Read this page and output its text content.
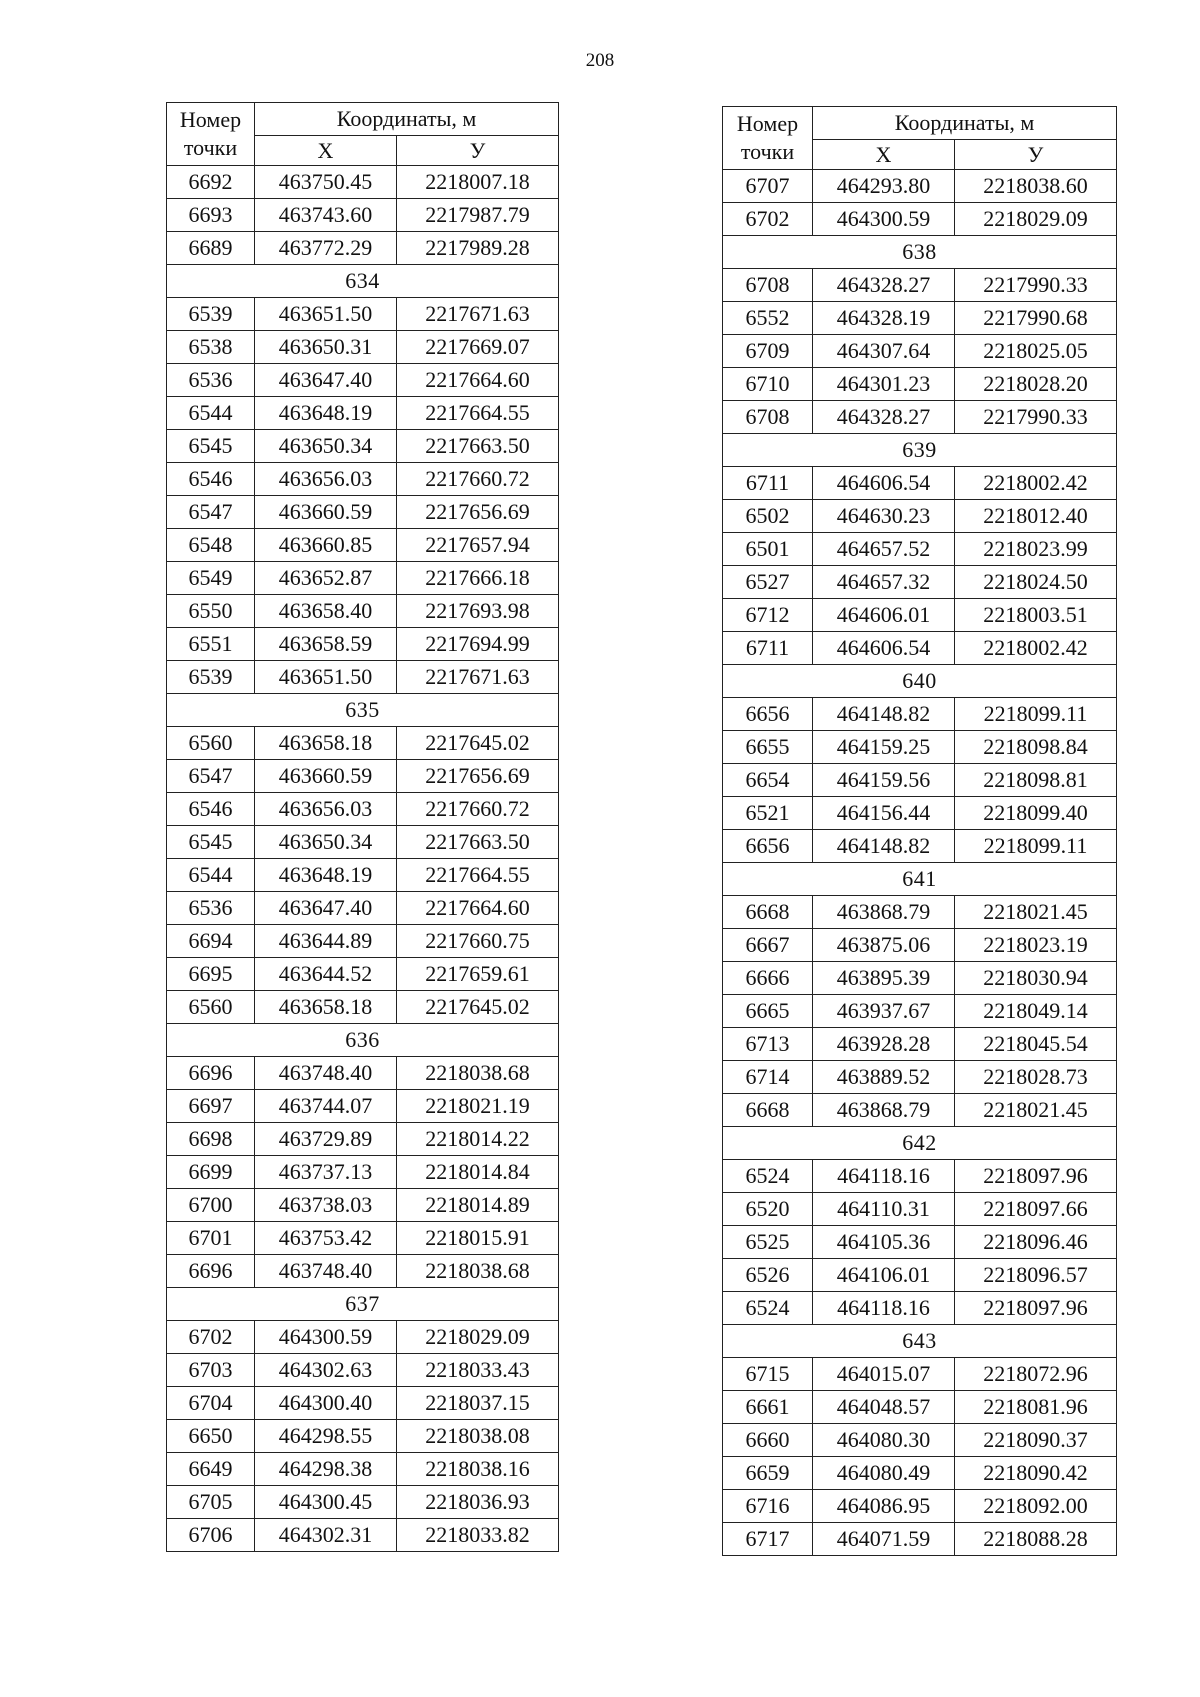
208
Номер
точки	Координаты, м	
	Х	У
6692	463750.45	2218007.18
6693	463743.60	2217987.79
6689	463772.29	2217989.28
634		
6539	463651.50	2217671.63
6538	463650.31	2217669.07
6536	463647.40	2217664.60
6544	463648.19	2217664.55
6545	463650.34	2217663.50
6546	463656.03	2217660.72
6547	463660.59	2217656.69
6548	463660.85	2217657.94
6549	463652.87	2217666.18
6550	463658.40	2217693.98
6551	463658.59	2217694.99
6539	463651.50	2217671.63
635		
6560	463658.18	2217645.02
6547	463660.59	2217656.69
6546	463656.03	2217660.72
6545	463650.34	2217663.50
6544	463648.19	2217664.55
6536	463647.40	2217664.60
6694	463644.89	2217660.75
6695	463644.52	2217659.61
6560	463658.18	2217645.02
636		
6696	463748.40	2218038.68
6697	463744.07	2218021.19
6698	463729.89	2218014.22
6699	463737.13	2218014.84
6700	463738.03	2218014.89
6701	463753.42	2218015.91
6696	463748.40	2218038.68
637		
6702	464300.59	2218029.09
6703	464302.63	2218033.43
6704	464300.40	2218037.15
6650	464298.55	2218038.08
6649	464298.38	2218038.16
6705	464300.45	2218036.93
6706	464302.31	2218033.82
Номер
точки	Координаты, м	
	Х	У
6707	464293.80	2218038.60
6702	464300.59	2218029.09
638		
6708	464328.27	2217990.33
6552	464328.19	2217990.68
6709	464307.64	2218025.05
6710	464301.23	2218028.20
6708	464328.27	2217990.33
639		
6711	464606.54	2218002.42
6502	464630.23	2218012.40
6501	464657.52	2218023.99
6527	464657.32	2218024.50
6712	464606.01	2218003.51
6711	464606.54	2218002.42
640		
6656	464148.82	2218099.11
6655	464159.25	2218098.84
6654	464159.56	2218098.81
6521	464156.44	2218099.40
6656	464148.82	2218099.11
641		
6668	463868.79	2218021.45
6667	463875.06	2218023.19
6666	463895.39	2218030.94
6665	463937.67	2218049.14
6713	463928.28	2218045.54
6714	463889.52	2218028.73
6668	463868.79	2218021.45
642		
6524	464118.16	2218097.96
6520	464110.31	2218097.66
6525	464105.36	2218096.46
6526	464106.01	2218096.57
6524	464118.16	2218097.96
643		
6715	464015.07	2218072.96
6661	464048.57	2218081.96
6660	464080.30	2218090.37
6659	464080.49	2218090.42
6716	464086.95	2218092.00
6717	464071.59	2218088.28
